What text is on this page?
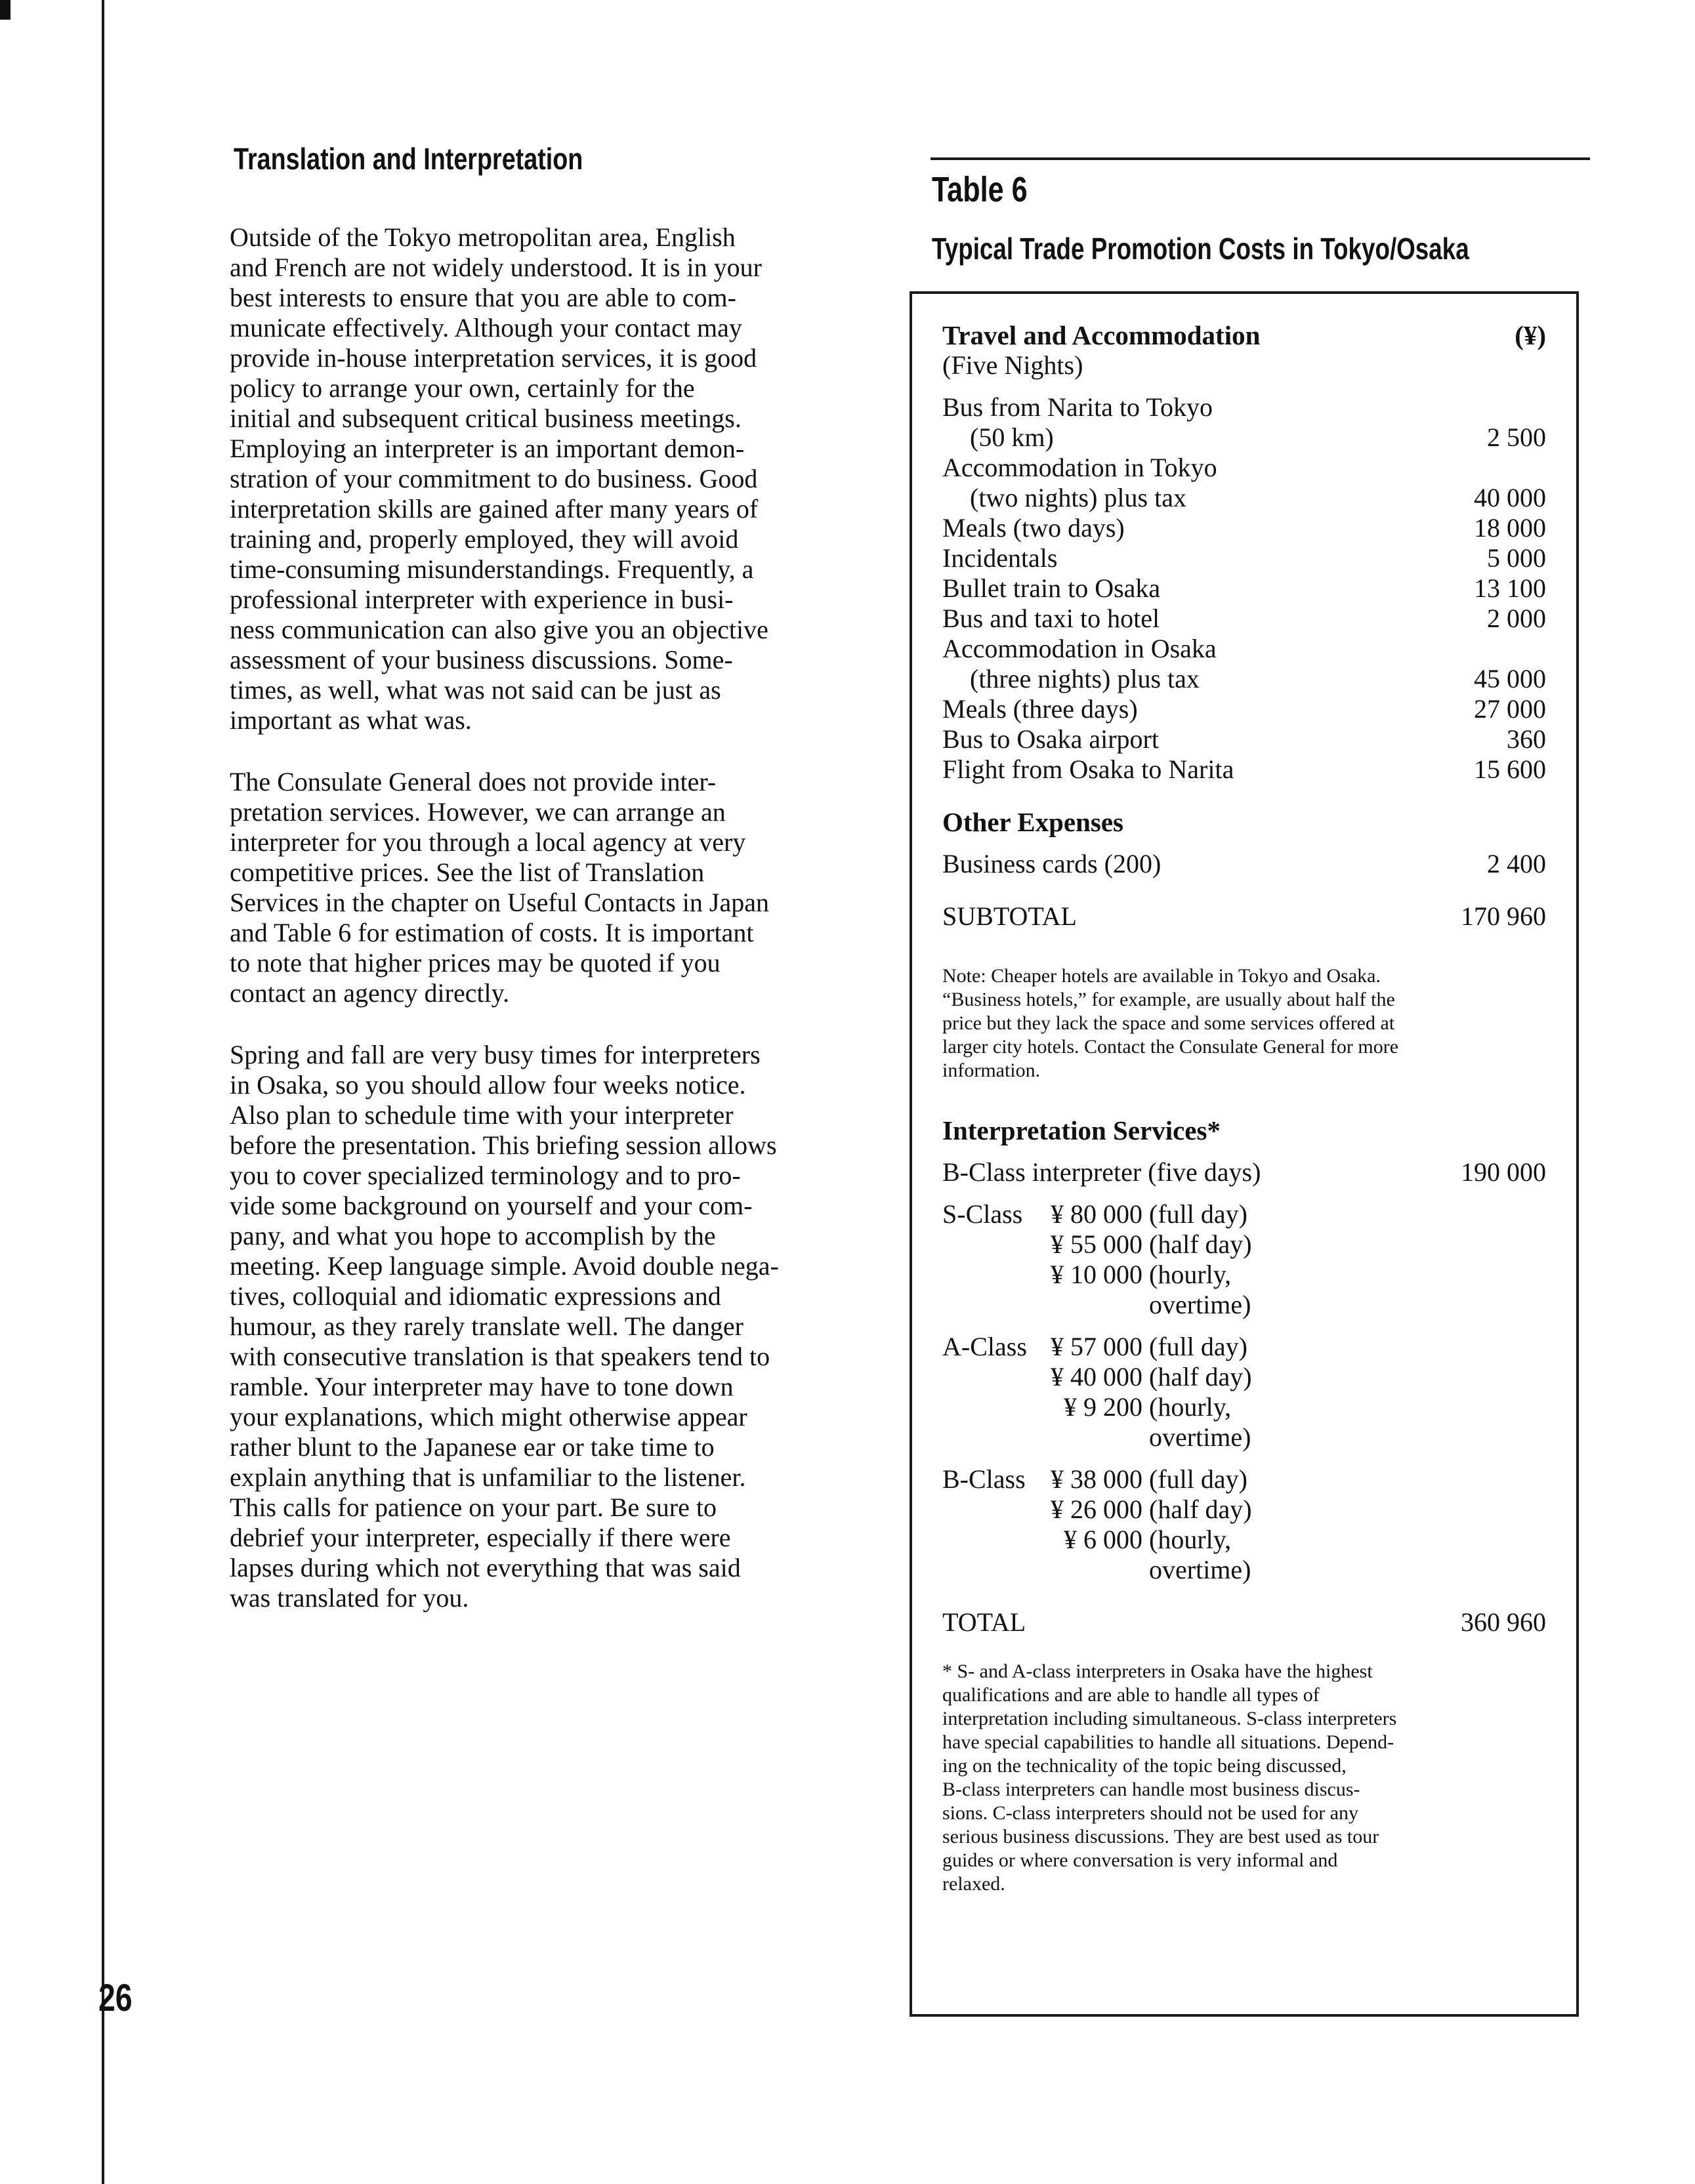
Translation and Interpretation
Outside of the Tokyo metropolitan area, English
and French are not widely understood. It is in your
best interests to ensure that you are able to com-
municate effectively. Although your contact may
provide in-house interpretation services, it is good
policy to arrange your own, certainly for the
initial and subsequent critical business meetings.
Employing an interpreter is an important demon-
stration of your commitment to do business. Good
interpretation skills are gained after many years of
training and, properly employed, they will avoid
time-consuming misunderstandings. Frequently, a
professional interpreter with experience in busi-
ness communication can also give you an objective
assessment of your business discussions. Some-
times, as well, what was not said can be just as
important as what was.
The Consulate General does not provide inter-
pretation services. However, we can arrange an
interpreter for you through a local agency at very
competitive prices. See the list of Translation
Services in the chapter on Useful Contacts in Japan
and Table 6 for estimation of costs. It is important
to note that higher prices may be quoted if you
contact an agency directly.
Spring and fall are very busy times for interpreters
in Osaka, so you should allow four weeks notice.
Also plan to schedule time with your interpreter
before the presentation. This briefing session allows
you to cover specialized terminology and to pro-
vide some background on yourself and your com-
pany, and what you hope to accomplish by the
meeting. Keep language simple. Avoid double nega-
tives, colloquial and idiomatic expressions and
humour, as they rarely translate well. The danger
with consecutive translation is that speakers tend to
ramble. Your interpreter may have to tone down
your explanations, which might otherwise appear
rather blunt to the Japanese ear or take time to
explain anything that is unfamiliar to the listener.
This calls for patience on your part. Be sure to
debrief your interpreter, especially if there were
lapses during which not everything that was said
was translated for you.
Table 6
Typical Trade Promotion Costs in Tokyo/Osaka
Travel and Accommodation	(¥)
(Five Nights)
Bus from Narita to Tokyo
(50 km)	2 500
Accommodation in Tokyo
(two nights) plus tax	40 000
Meals (two days)	18 000
Incidentals	5 000
Bullet train to Osaka	13 100
Bus and taxi to hotel	2 000
Accommodation in Osaka
(three nights) plus tax	45 000
Meals (three days)	27 000
Bus to Osaka airport	360
Flight from Osaka to Narita	15 600
Other Expenses
Business cards (200)	2 400
SUBTOTAL	170 960
Note: Cheaper hotels are available in Tokyo and Osaka.
“Business hotels,” for example, are usually about half the
price but they lack the space and some services offered at
larger city hotels. Contact the Consulate General for more
information.
Interpretation Services*
B-Class interpreter (five days)	190 000
S-Class	¥ 80 000 (full day)
¥ 55 000 (half day)
¥ 10 000 (hourly,
overtime)
A-Class ¥ 57 000 (full day)
¥ 40 000 (half day)
¥ 9 200 (hourly,
overtime)
B-Class ¥ 38 000 (full day)
¥ 26 000 (half day)
¥ 6 000 (hourly,
overtime)
TOTAL	360 960
* S- and A-class interpreters in Osaka have the highest
qualifications and are able to handle all types of
interpretation including simultaneous. S-class interpreters
have special capabilities to handle all situations. Depend-
ing on the technicality of the topic being discussed,
B-class interpreters can handle most business discus-
sions. C-class interpreters should not be used for any
serious business discussions. They are best used as tour
guides or where conversation is very informal and
relaxed.
26
